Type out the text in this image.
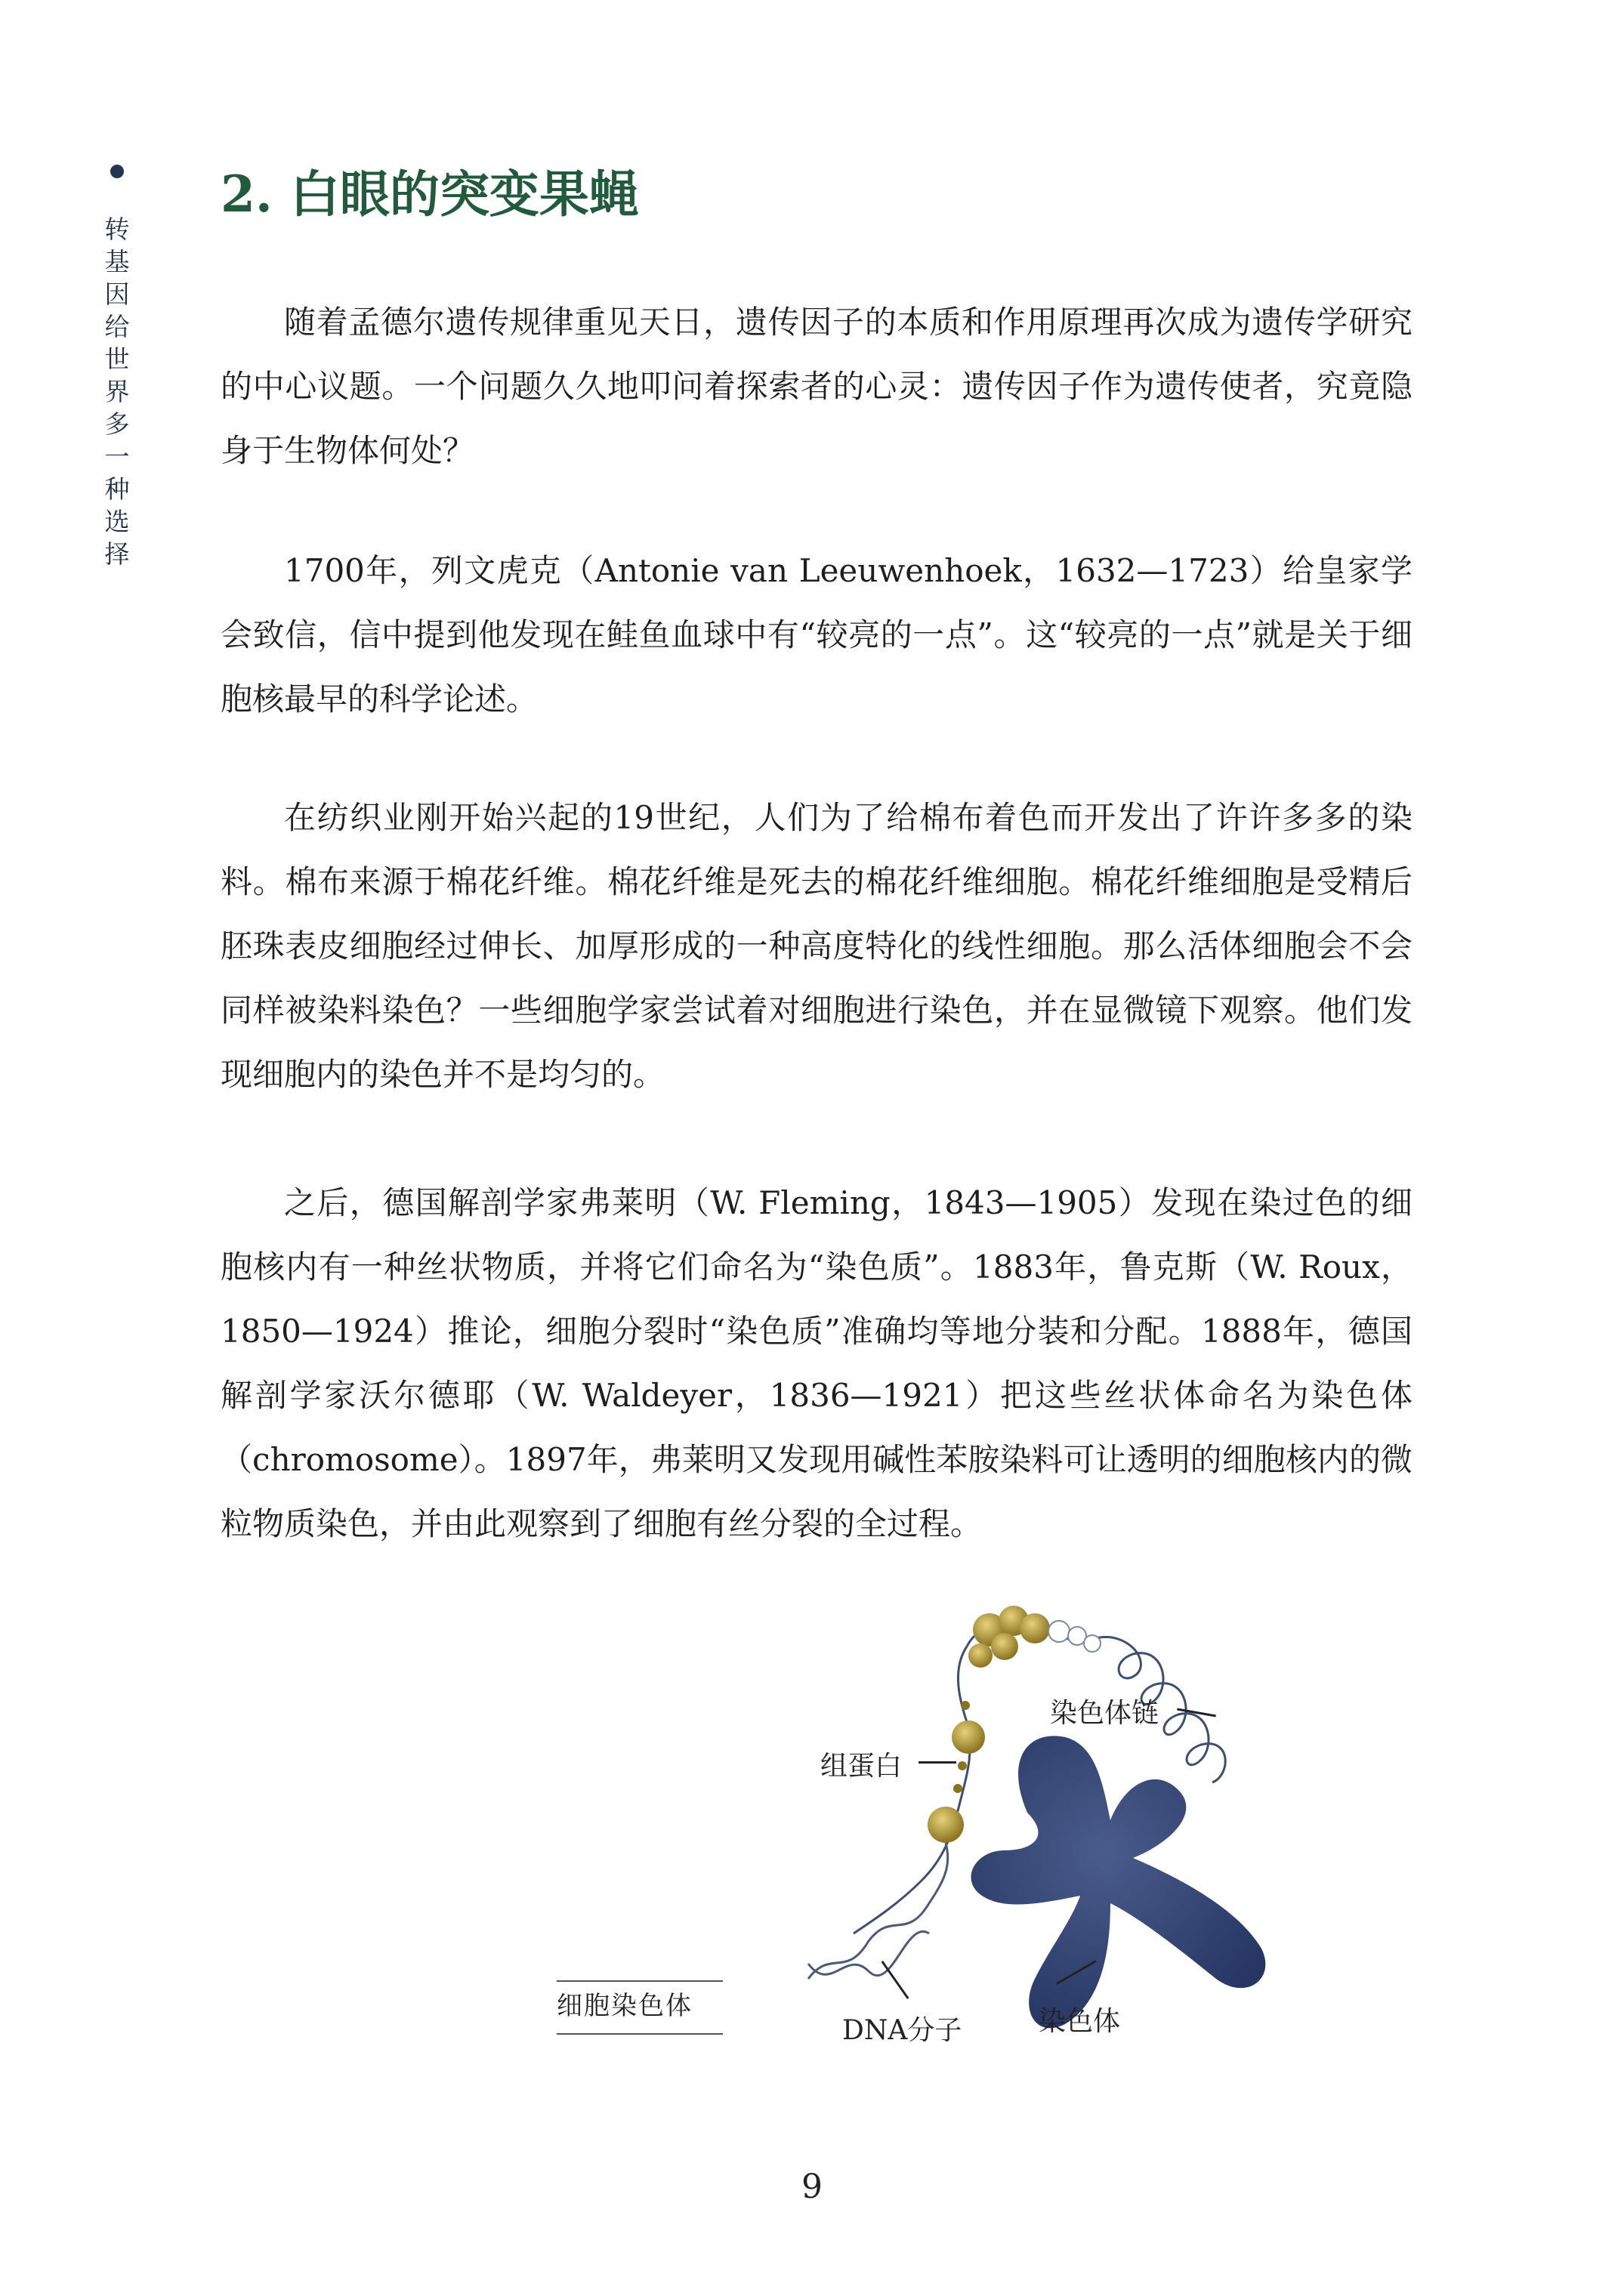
转基因给世界多一种选择
2. 白眼的突变果蝇

随着孟德尔遗传规律重见天日，遗传因子的本质和作用原理再次成为遗传学研究的中心议题。一个问题久久地叩问着探索者的心灵：遗传因子作为遗传使者，究竟隐身于生物体何处？

1700年，列文虎克（Antonie van Leeuwenhoek，1632—1723）给皇家学会致信，信中提到他发现在鲑鱼血球中有“较亮的一点”。这“较亮的一点”就是关于细胞核最早的科学论述。

在纺织业刚开始兴起的19世纪，人们为了给棉布着色而开发出了许许多多的染料。棉布来源于棉花纤维。棉花纤维是死去的棉花纤维细胞。棉花纤维细胞是受精后胚珠表皮细胞经过伸长、加厚形成的一种高度特化的线性细胞。那么活体细胞会不会同样被染料染色？一些细胞学家尝试着对细胞进行染色，并在显微镜下观察。他们发现细胞内的染色并不是均匀的。

之后，德国解剖学家弗莱明（W. Fleming，1843—1905）发现在染过色的细胞核内有一种丝状物质，并将它们命名为“染色质”。1883年，鲁克斯（W. Roux，1850—1924）推论，细胞分裂时“染色质”准确均等地分装和分配。1888年，德国解剖学家沃尔德耶（W. Waldeyer，1836—1921）把这些丝状体命名为染色体（chromosome）。1897年，弗莱明又发现用碱性苯胺染料可让透明的细胞核内的微粒物质染色，并由此观察到了细胞有丝分裂的全过程。

染色体链
组蛋白
DNA分子	染色体
细胞染色体
9
